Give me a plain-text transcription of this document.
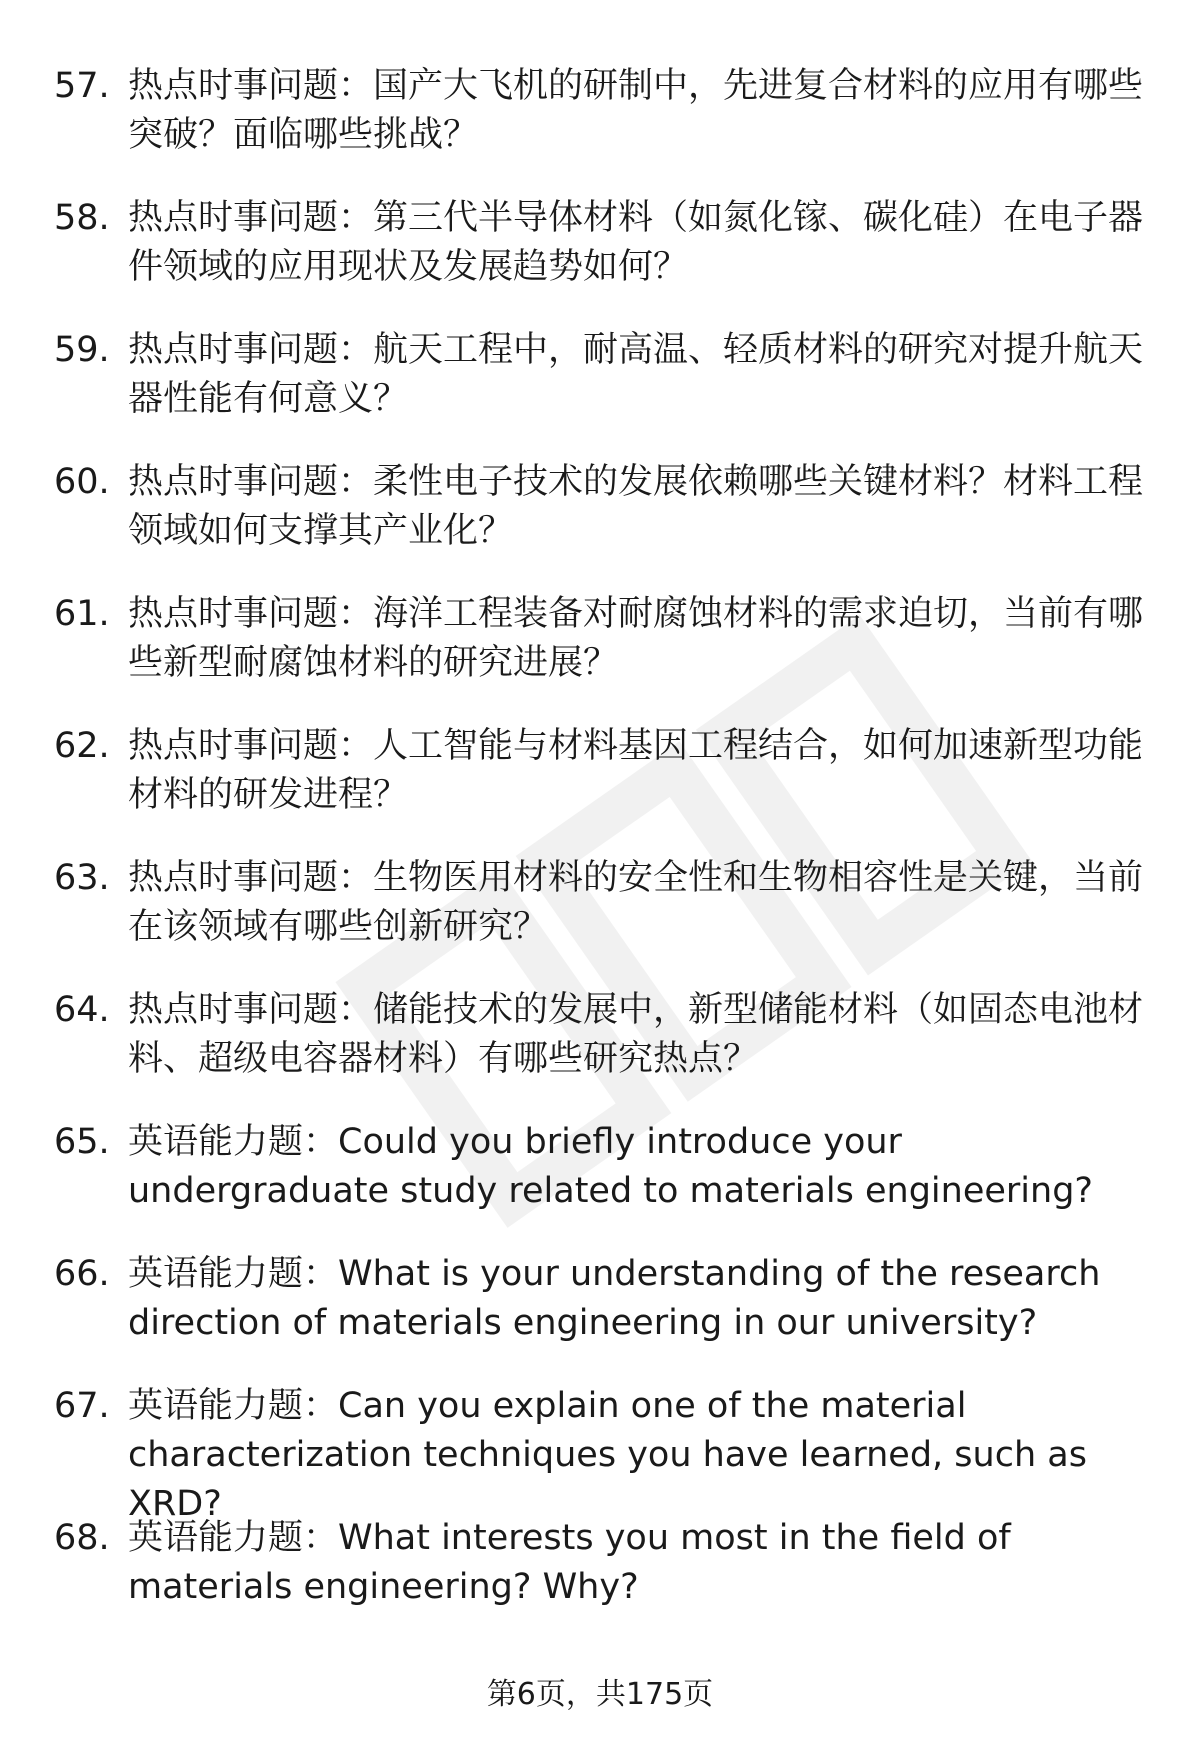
57. 热点时事问题：国产大飞机的研制中，先进复合材料的应用有哪些突破？面临哪些挑战？
58. 热点时事问题：第三代半导体材料（如氮化镓、碳化硅）在电子器件领域的应用现状及发展趋势如何？
59. 热点时事问题：航天工程中，耐高温、轻质材料的研究对提升航天器性能有何意义？
60. 热点时事问题：柔性电子技术的发展依赖哪些关键材料？材料工程领域如何支撑其产业化？
61. 热点时事问题：海洋工程装备对耐腐蚀材料的需求迫切，当前有哪些新型耐腐蚀材料的研究进展？
62. 热点时事问题：人工智能与材料基因工程结合，如何加速新型功能材料的研发进程？
63. 热点时事问题：生物医用材料的安全性和生物相容性是关键，当前在该领域有哪些创新研究？
64. 热点时事问题：储能技术的发展中，新型储能材料（如固态电池材料、超级电容器材料）有哪些研究热点？
65. 英语能力题：Could you briefly introduce your undergraduate study related to materials engineering?
66. 英语能力题：What is your understanding of the research direction of materials engineering in our university?
67. 英语能力题：Can you explain one of the material characterization techniques you have learned, such as XRD?
68. 英语能力题：What interests you most in the field of materials engineering? Why?
第6页，共175页
